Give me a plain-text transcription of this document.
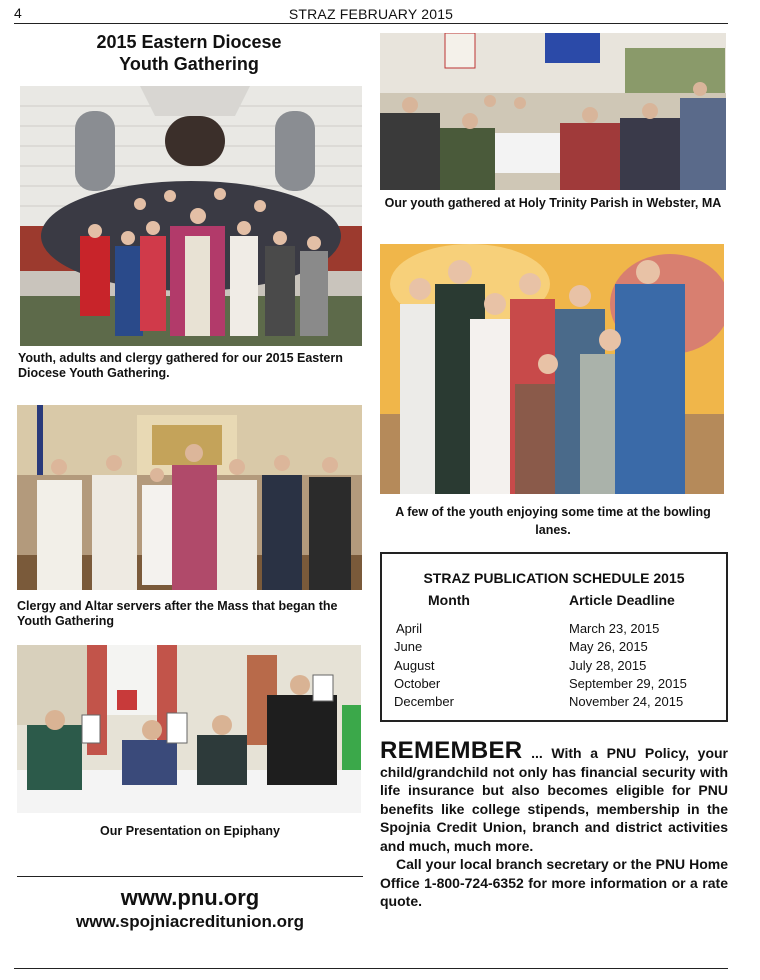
4	STRAZ FEBRUARY 2015
2015 Eastern Diocese
Youth Gathering
Youth, adults and clergy gathered for our 2015 Eastern Diocese Youth Gathering.
Clergy and Altar servers after the Mass that began the Youth Gathering
Our Presentation on Epiphany
www.pnu.org
www.spojniacreditunion.org
Our youth gathered at Holy Trinity Parish in Webster, MA
A few of the youth enjoying some time at the bowling lanes.
STRAZ PUBLICATION SCHEDULE 2015
Month	Article Deadline
April	March 23, 2015
June	May 26, 2015
August	July 28, 2015
October	September 29, 2015
December	November 24, 2015

REMEMBER ... With a PNU Policy, your child/grandchild not only has financial security with life insurance but also becomes eligible for PNU benefits like college stipends, membership in the Spojnia Credit Union, branch and district activities and much, much more.

Call your local branch secretary or the PNU Home Office 1-800-724-6352 for more information or a rate quote.
